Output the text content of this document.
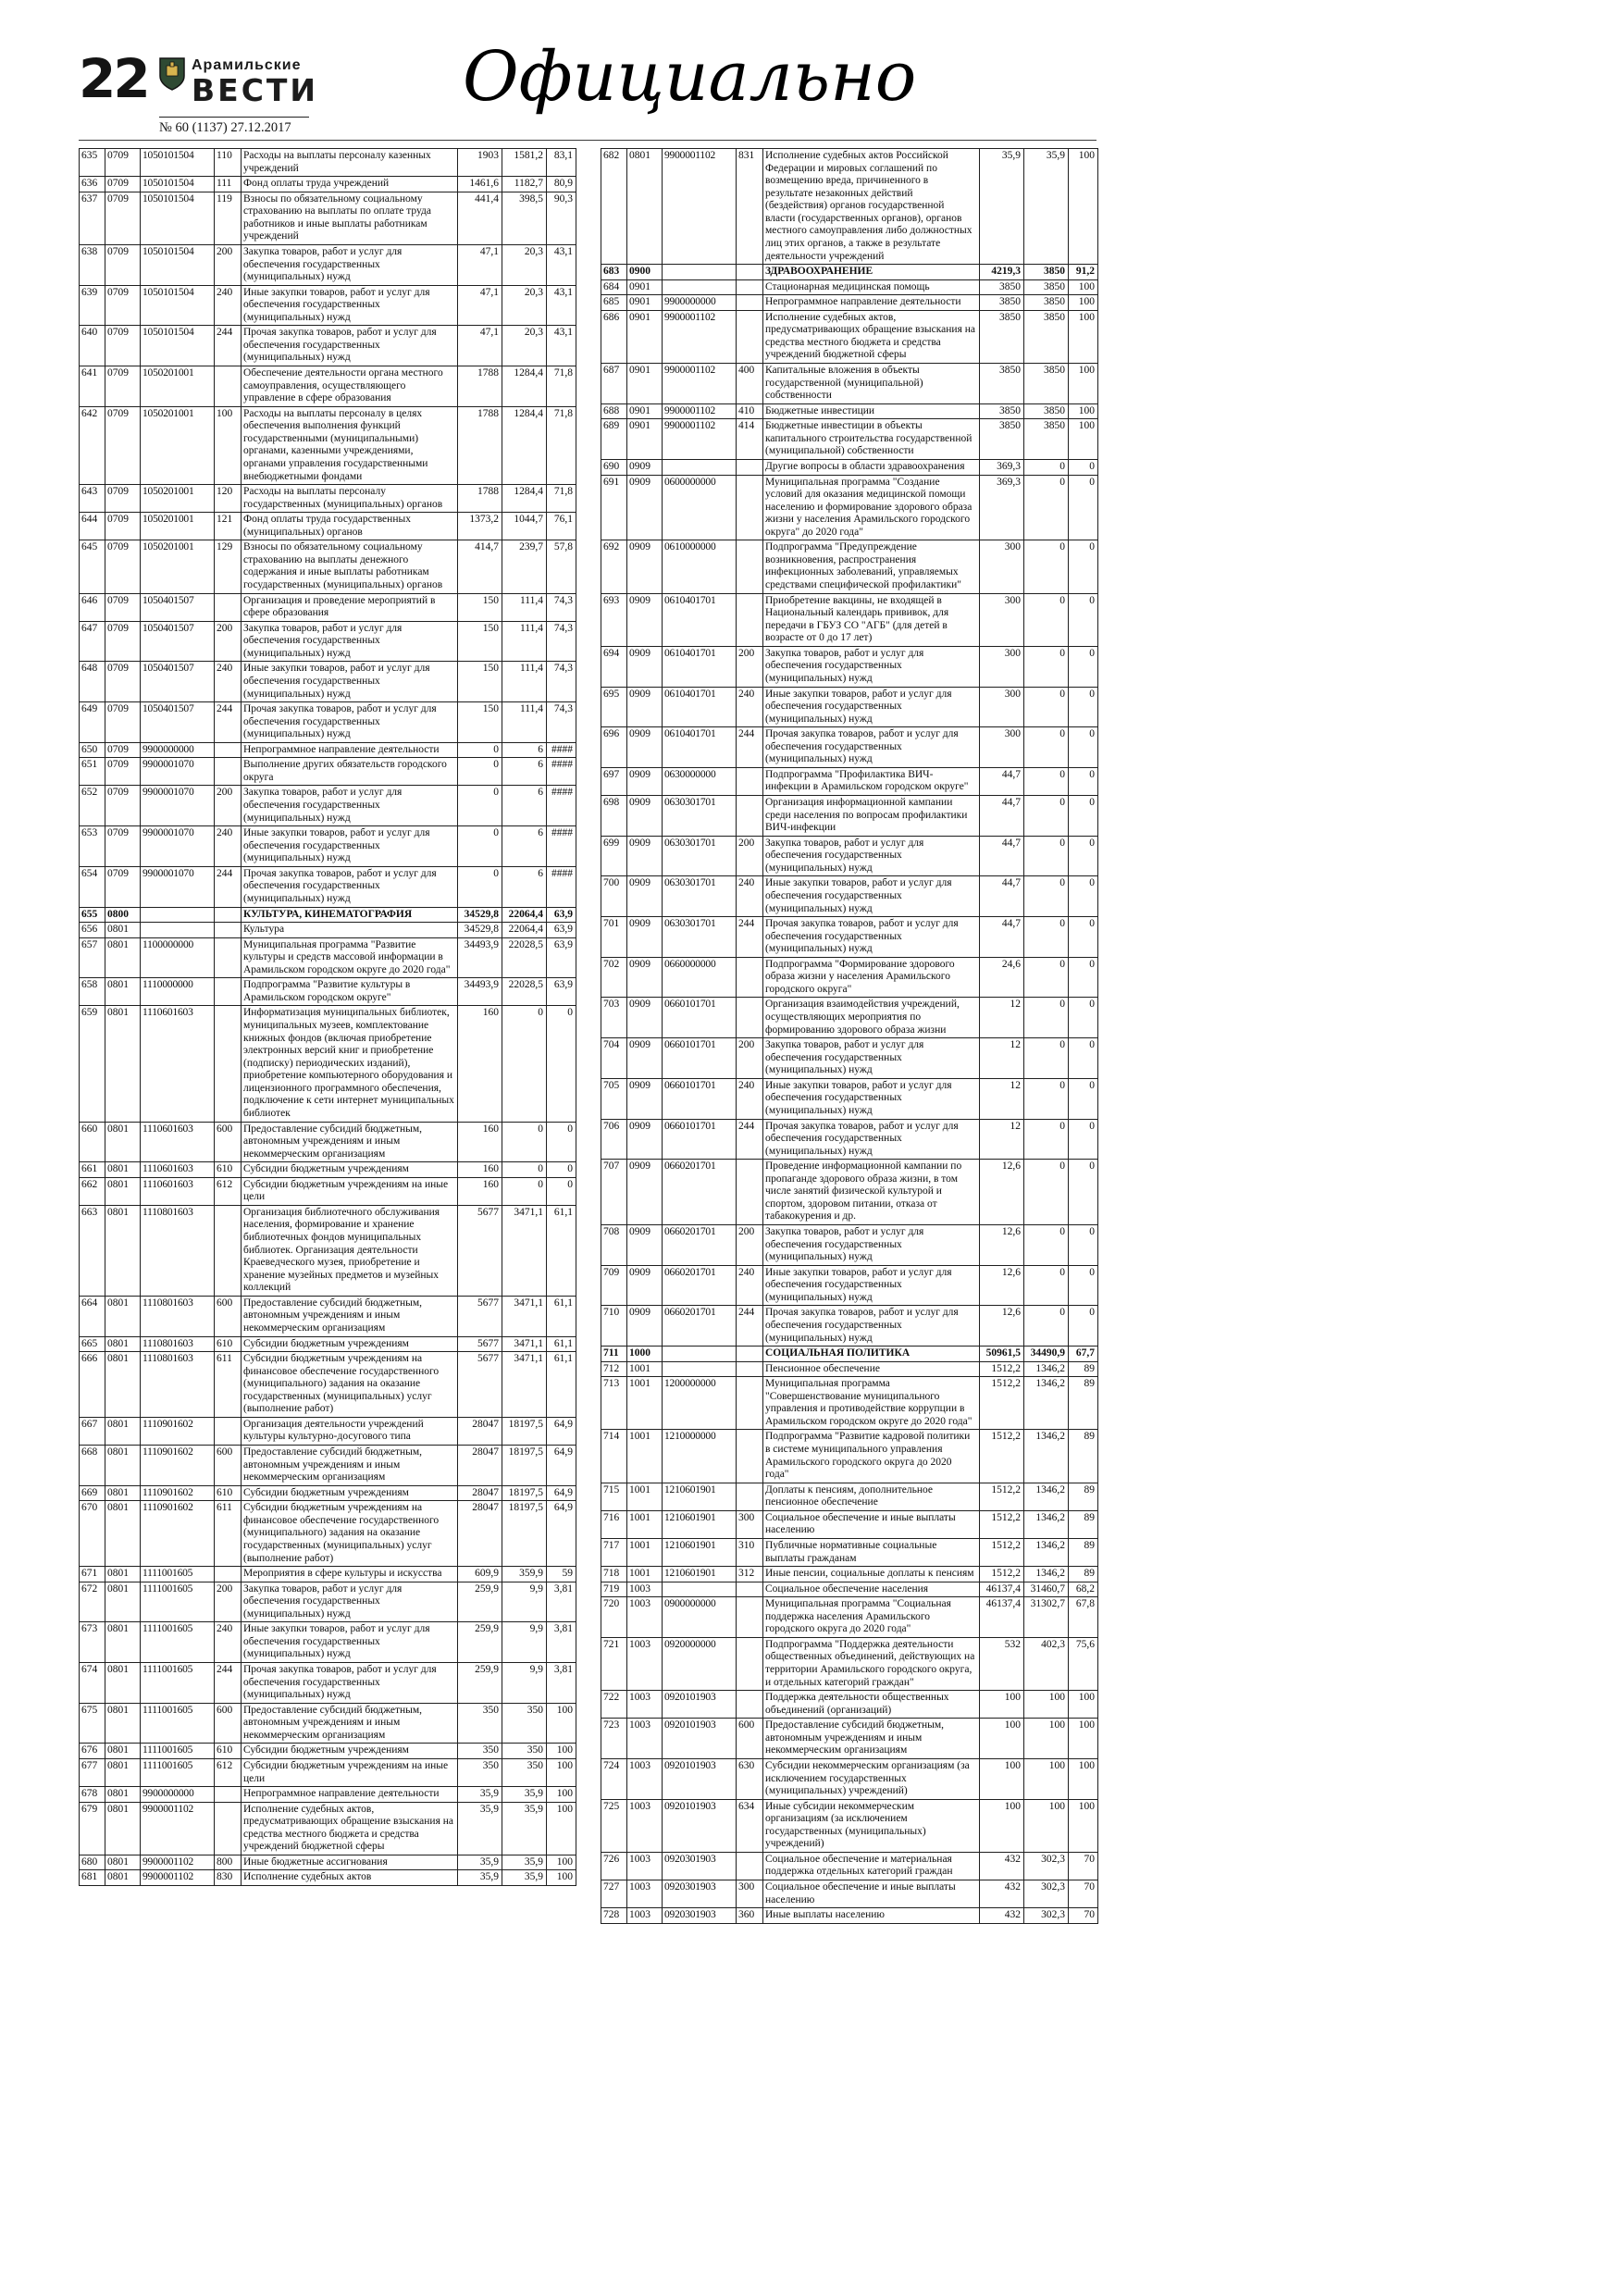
22	Арамильские
ВЕСТИ
№ 60 (1137) 27.12.2017
Официально
635	0709	1050101504	110	Расходы на выплаты персоналу казенных учреждений	1903	1581,2	83,1
636	0709	1050101504	111	Фонд оплаты труда учреждений	1461,6	1182,7	80,9
637	0709	1050101504	119	Взносы по обязательному социальному страхованию на выплаты по оплате труда работников и иные выплаты работникам учреждений	441,4	398,5	90,3
638	0709	1050101504	200	Закупка товаров, работ и услуг для обеспечения государственных (муниципальных) нужд	47,1	20,3	43,1
639	0709	1050101504	240	Иные закупки товаров, работ и услуг для обеспечения государственных (муниципальных) нужд	47,1	20,3	43,1
640	0709	1050101504	244	Прочая закупка товаров, работ и услуг для обеспечения государственных (муниципальных) нужд	47,1	20,3	43,1
641	0709	1050201001		Обеспечение деятельности органа местного самоуправления, осуществляющего управление в сфере образования	1788	1284,4	71,8
642	0709	1050201001	100	Расходы на выплаты персоналу в целях обеспечения выполнения функций государственными (муниципальными) органами, казенными учреждениями, органами управления государственными внебюджетными фондами	1788	1284,4	71,8
643	0709	1050201001	120	Расходы на выплаты персоналу государственных (муниципальных) органов	1788	1284,4	71,8
644	0709	1050201001	121	Фонд оплаты труда государственных (муниципальных) органов	1373,2	1044,7	76,1
645	0709	1050201001	129	Взносы по обязательному социальному страхованию на выплаты денежного содержания и иные выплаты работникам государственных (муниципальных) органов	414,7	239,7	57,8
646	0709	1050401507		Организация и проведение мероприятий в сфере образования	150	111,4	74,3
647	0709	1050401507	200	Закупка товаров, работ и услуг для обеспечения государственных (муниципальных) нужд	150	111,4	74,3
648	0709	1050401507	240	Иные закупки товаров, работ и услуг для обеспечения государственных (муниципальных) нужд	150	111,4	74,3
649	0709	1050401507	244	Прочая закупка товаров, работ и услуг для обеспечения государственных (муниципальных) нужд	150	111,4	74,3
650	0709	9900000000		Непрограммное направление деятельности	0	6	####
651	0709	9900001070		Выполнение других обязательств городского округа	0	6	####
652	0709	9900001070	200	Закупка товаров, работ и услуг для обеспечения государственных (муниципальных) нужд	0	6	####
653	0709	9900001070	240	Иные закупки товаров, работ и услуг для обеспечения государственных (муниципальных) нужд	0	6	####
654	0709	9900001070	244	Прочая закупка товаров, работ и услуг для обеспечения государственных (муниципальных) нужд	0	6	####
655	0800			КУЛЬТУРА, КИНЕМАТОГРАФИЯ	34529,8	22064,4	63,9
656	0801			Культура	34529,8	22064,4	63,9
657	0801	1100000000		Муниципальная программа "Развитие культуры и средств массовой информации в Арамильском городском округе до 2020 года"	34493,9	22028,5	63,9
658	0801	1110000000		Подпрограмма "Развитие культуры в Арамильском городском округе"	34493,9	22028,5	63,9
659	0801	1110601603		Информатизация муниципальных библиотек, муниципальных музеев, комплектование книжных фондов (включая приобретение электронных версий книг и приобретение (подписку) периодических изданий), приобретение компьютерного оборудования и лицензионного программного обеспечения, подключение к сети интернет муниципальных библиотек	160	0	0
660	0801	1110601603	600	Предоставление субсидий бюджетным, автономным учреждениям и иным некоммерческим организациям	160	0	0
661	0801	1110601603	610	Субсидии бюджетным учреждениям	160	0	0
662	0801	1110601603	612	Субсидии бюджетным учреждениям на иные цели	160	0	0
663	0801	1110801603		Организация библиотечного обслуживания населения, формирование и хранение библиотечных фондов муниципальных библиотек. Организация деятельности Краеведческого музея, приобретение и хранение музейных предметов и музейных коллекций	5677	3471,1	61,1
664	0801	1110801603	600	Предоставление субсидий бюджетным, автономным учреждениям и иным некоммерческим организациям	5677	3471,1	61,1
665	0801	1110801603	610	Субсидии бюджетным учреждениям	5677	3471,1	61,1
666	0801	1110801603	611	Субсидии бюджетным учреждениям на финансовое обеспечение государственного (муниципального) задания на оказание государственных (муниципальных) услуг (выполнение работ)	5677	3471,1	61,1
667	0801	1110901602		Организация деятельности учреждений культуры культурно-досугового типа	28047	18197,5	64,9
668	0801	1110901602	600	Предоставление субсидий бюджетным, автономным учреждениям и иным некоммерческим организациям	28047	18197,5	64,9
669	0801	1110901602	610	Субсидии бюджетным учреждениям	28047	18197,5	64,9
670	0801	1110901602	611	Субсидии бюджетным учреждениям на финансовое обеспечение государственного (муниципального) задания на оказание государственных (муниципальных) услуг (выполнение работ)	28047	18197,5	64,9
671	0801	1111001605		Мероприятия в сфере культуры и искусства	609,9	359,9	59
672	0801	1111001605	200	Закупка товаров, работ и услуг для обеспечения государственных (муниципальных) нужд	259,9	9,9	3,81
673	0801	1111001605	240	Иные закупки товаров, работ и услуг для обеспечения государственных (муниципальных) нужд	259,9	9,9	3,81
674	0801	1111001605	244	Прочая закупка товаров, работ и услуг для обеспечения государственных (муниципальных) нужд	259,9	9,9	3,81
675	0801	1111001605	600	Предоставление субсидий бюджетным, автономным учреждениям и иным некоммерческим организациям	350	350	100
676	0801	1111001605	610	Субсидии бюджетным учреждениям	350	350	100
677	0801	1111001605	612	Субсидии бюджетным учреждениям на иные цели	350	350	100
678	0801	9900000000		Непрограммное направление деятельности	35,9	35,9	100
679	0801	9900001102		Исполнение судебных актов, предусматривающих обращение взыскания на средства местного бюджета и средства учреждений бюджетной сферы	35,9	35,9	100
680	0801	9900001102	800	Иные бюджетные ассигнования	35,9	35,9	100
681	0801	9900001102	830	Исполнение судебных актов	35,9	35,9	100
682	0801	9900001102	831	Исполнение судебных актов Российской Федерации и мировых соглашений по возмещению вреда, причиненного в результате незаконных действий (бездействия) органов государственной власти (государственных органов), органов местного самоуправления либо должностных лиц этих органов, а также в результате деятельности учреждений	35,9	35,9	100
683	0900			ЗДРАВООХРАНЕНИЕ	4219,3	3850	91,2
684	0901			Стационарная медицинская помощь	3850	3850	100
685	0901	9900000000		Непрограммное направление деятельности	3850	3850	100
686	0901	9900001102		Исполнение судебных актов, предусматривающих обращение взыскания на средства местного бюджета и средства учреждений бюджетной сферы	3850	3850	100
687	0901	9900001102	400	Капитальные вложения в объекты государственной (муниципальной) собственности	3850	3850	100
688	0901	9900001102	410	Бюджетные инвестиции	3850	3850	100
689	0901	9900001102	414	Бюджетные инвестиции в объекты капитального строительства государственной (муниципальной) собственности	3850	3850	100
690	0909			Другие вопросы в области здравоохранения	369,3	0	0
691	0909	0600000000		Муниципальная программа "Создание условий для оказания медицинской помощи населению и формирование здорового образа жизни у населения Арамильского городского округа" до 2020 года"	369,3	0	0
692	0909	0610000000		Подпрограмма "Предупреждение возникновения, распространения инфекционных заболеваний, управляемых средствами специфической профилактики"	300	0	0
693	0909	0610401701		Приобретение вакцины, не входящей в Национальный календарь прививок, для передачи в ГБУЗ СО "АГБ" (для детей в возрасте от 0 до 17 лет)	300	0	0
694	0909	0610401701	200	Закупка товаров, работ и услуг для обеспечения государственных (муниципальных) нужд	300	0	0
695	0909	0610401701	240	Иные закупки товаров, работ и услуг для обеспечения государственных (муниципальных) нужд	300	0	0
696	0909	0610401701	244	Прочая закупка товаров, работ и услуг для обеспечения государственных (муниципальных) нужд	300	0	0
697	0909	0630000000		Подпрограмма "Профилактика ВИЧ-инфекции в Арамильском городском округе"	44,7	0	0
698	0909	0630301701		Организация информационной кампании среди населения по вопросам профилактики ВИЧ-инфекции	44,7	0	0
699	0909	0630301701	200	Закупка товаров, работ и услуг для обеспечения государственных (муниципальных) нужд	44,7	0	0
700	0909	0630301701	240	Иные закупки товаров, работ и услуг для обеспечения государственных (муниципальных) нужд	44,7	0	0
701	0909	0630301701	244	Прочая закупка товаров, работ и услуг для обеспечения государственных (муниципальных) нужд	44,7	0	0
702	0909	0660000000		Подпрограмма "Формирование здорового образа жизни у населения Арамильского городского округа"	24,6	0	0
703	0909	0660101701		Организация взаимодействия учреждений, осуществляющих мероприятия по формированию здорового образа жизни	12	0	0
704	0909	0660101701	200	Закупка товаров, работ и услуг для обеспечения государственных (муниципальных) нужд	12	0	0
705	0909	0660101701	240	Иные закупки товаров, работ и услуг для обеспечения государственных (муниципальных) нужд	12	0	0
706	0909	0660101701	244	Прочая закупка товаров, работ и услуг для обеспечения государственных (муниципальных) нужд	12	0	0
707	0909	0660201701		Проведение информационной кампании по пропаганде здорового образа жизни, в том числе занятий физической культурой и спортом, здоровом питании, отказа от табакокурения и др.	12,6	0	0
708	0909	0660201701	200	Закупка товаров, работ и услуг для обеспечения государственных (муниципальных) нужд	12,6	0	0
709	0909	0660201701	240	Иные закупки товаров, работ и услуг для обеспечения государственных (муниципальных) нужд	12,6	0	0
710	0909	0660201701	244	Прочая закупка товаров, работ и услуг для обеспечения государственных (муниципальных) нужд	12,6	0	0
711	1000			СОЦИАЛЬНАЯ ПОЛИТИКА	50961,5	34490,9	67,7
712	1001			Пенсионное обеспечение	1512,2	1346,2	89
713	1001	1200000000		Муниципальная программа "Совершенствование муниципального управления и противодействие коррупции в Арамильском городском округе до 2020 года"	1512,2	1346,2	89
714	1001	1210000000		Подпрограмма "Развитие кадровой политики в системе муниципального управления Арамильского городского округа до 2020 года"	1512,2	1346,2	89
715	1001	1210601901		Доплаты к пенсиям, дополнительное пенсионное обеспечение	1512,2	1346,2	89
716	1001	1210601901	300	Социальное обеспечение и иные выплаты населению	1512,2	1346,2	89
717	1001	1210601901	310	Публичные нормативные социальные выплаты гражданам	1512,2	1346,2	89
718	1001	1210601901	312	Иные пенсии, социальные доплаты к пенсиям	1512,2	1346,2	89
719	1003			Социальное обеспечение населения	46137,4	31460,7	68,2
720	1003	0900000000		Муниципальная программа "Социальная поддержка населения Арамильского городского округа до 2020 года"	46137,4	31302,7	67,8
721	1003	0920000000		Подпрограмма "Поддержка деятельности общественных объединений, действующих на территории Арамильского городского округа, и отдельных категорий граждан"	532	402,3	75,6
722	1003	0920101903		Поддержка деятельности общественных объединений (организаций)	100	100	100
723	1003	0920101903	600	Предоставление субсидий бюджетным, автономным учреждениям и иным некоммерческим организациям	100	100	100
724	1003	0920101903	630	Субсидии некоммерческим организациям (за исключением государственных (муниципальных) учреждений)	100	100	100
725	1003	0920101903	634	Иные субсидии некоммерческим организациям (за исключением государственных (муниципальных) учреждений)	100	100	100
726	1003	0920301903		Социальное обеспечение и материальная поддержка отдельных категорий граждан	432	302,3	70
727	1003	0920301903	300	Социальное обеспечение и иные выплаты населению	432	302,3	70
728	1003	0920301903	360	Иные выплаты населению	432	302,3	70
